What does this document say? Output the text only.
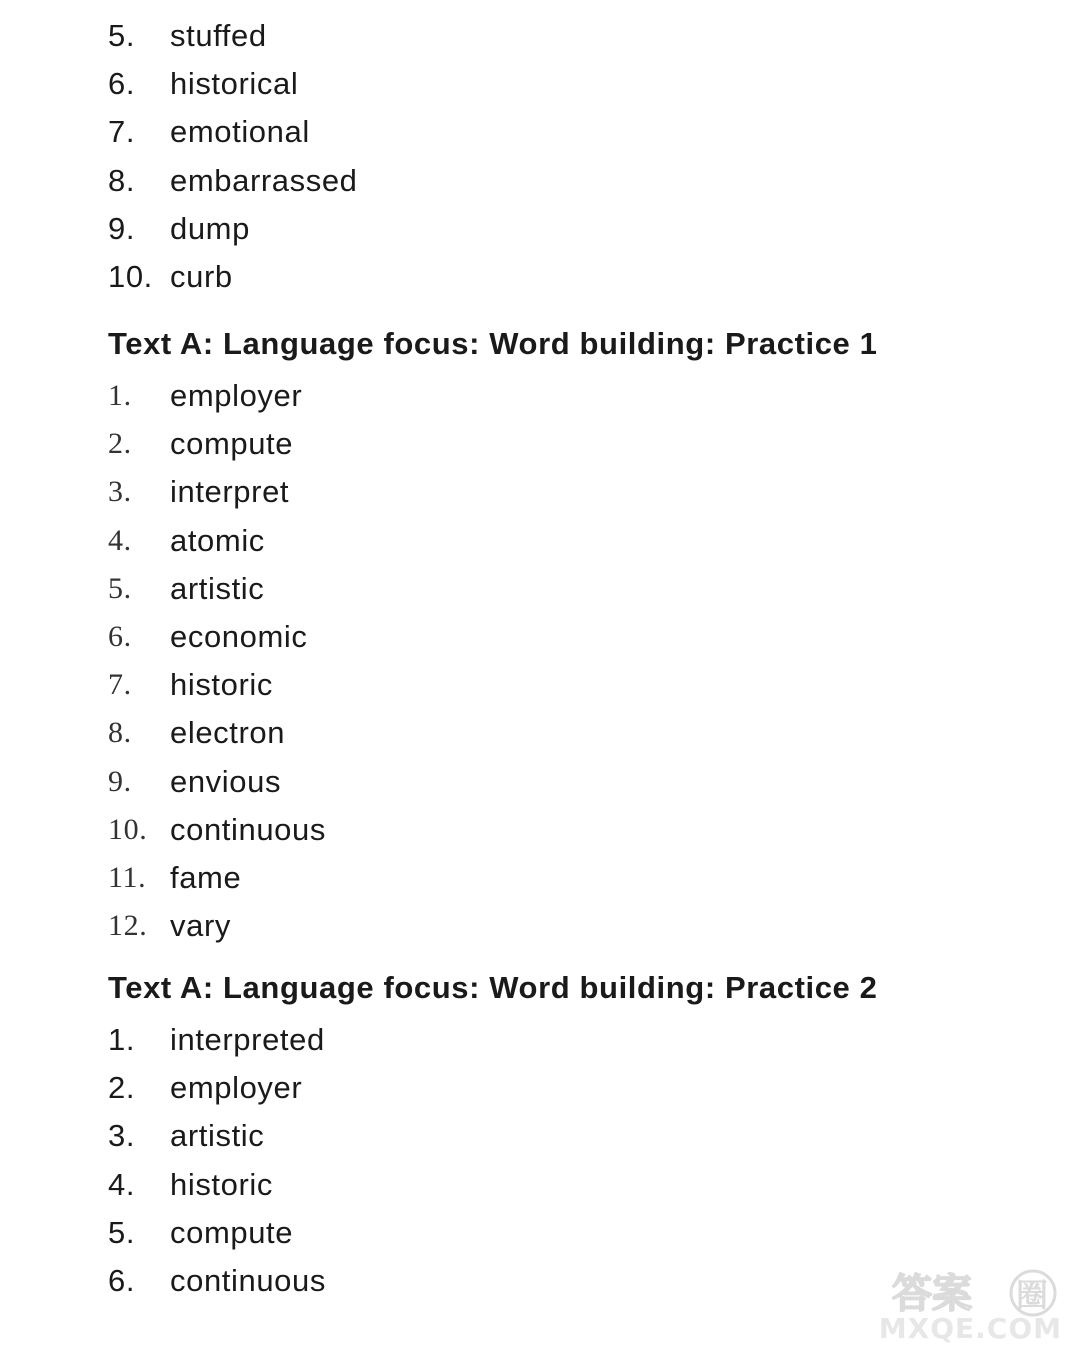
5.	stuffed
6.	historical
7.	emotional
8.	embarrassed
9.	dump
10. curb
Text A: Language focus: Word building: Practice 1
1.	employer
2.	compute
3.	interpret
4.	atomic
5.	artistic
6.	economic
7.	historic
8.	electron
9.	envious
10. continuous
11. fame
12. vary
Text A: Language focus: Word building: Practice 2
1.	interpreted
2.	employer
3.	artistic
4.	historic
5.	compute
6.	continuous	答案 圈
MXQE.COM
